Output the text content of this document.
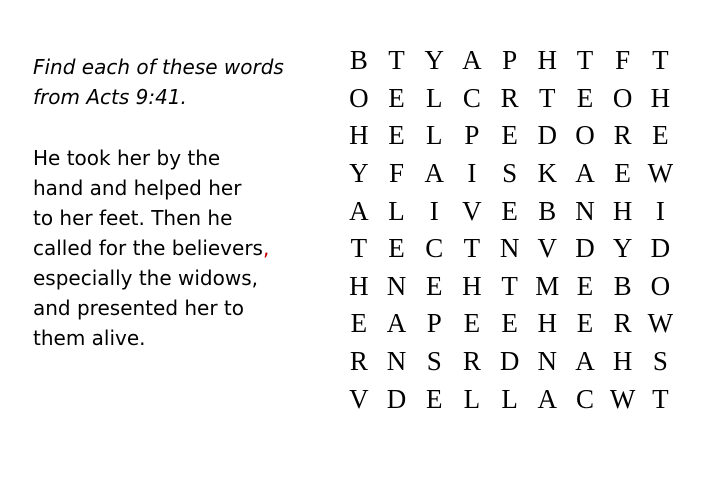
Find each of these words
from Acts 9:41.

He took her by the
hand and helped her
to her feet. Then he
called for the believers,
especially the widows,
and presented her to
them alive.

B T Y A P H T F T
O E L C R T E O H
H E L P E D O R E
Y F A I S K A E W
A L I V E B N H I
T E C T N V D Y D
H N E H T M E B O
E A P E E H E R W
R N S R D N A H S
V D E L L A C W T
